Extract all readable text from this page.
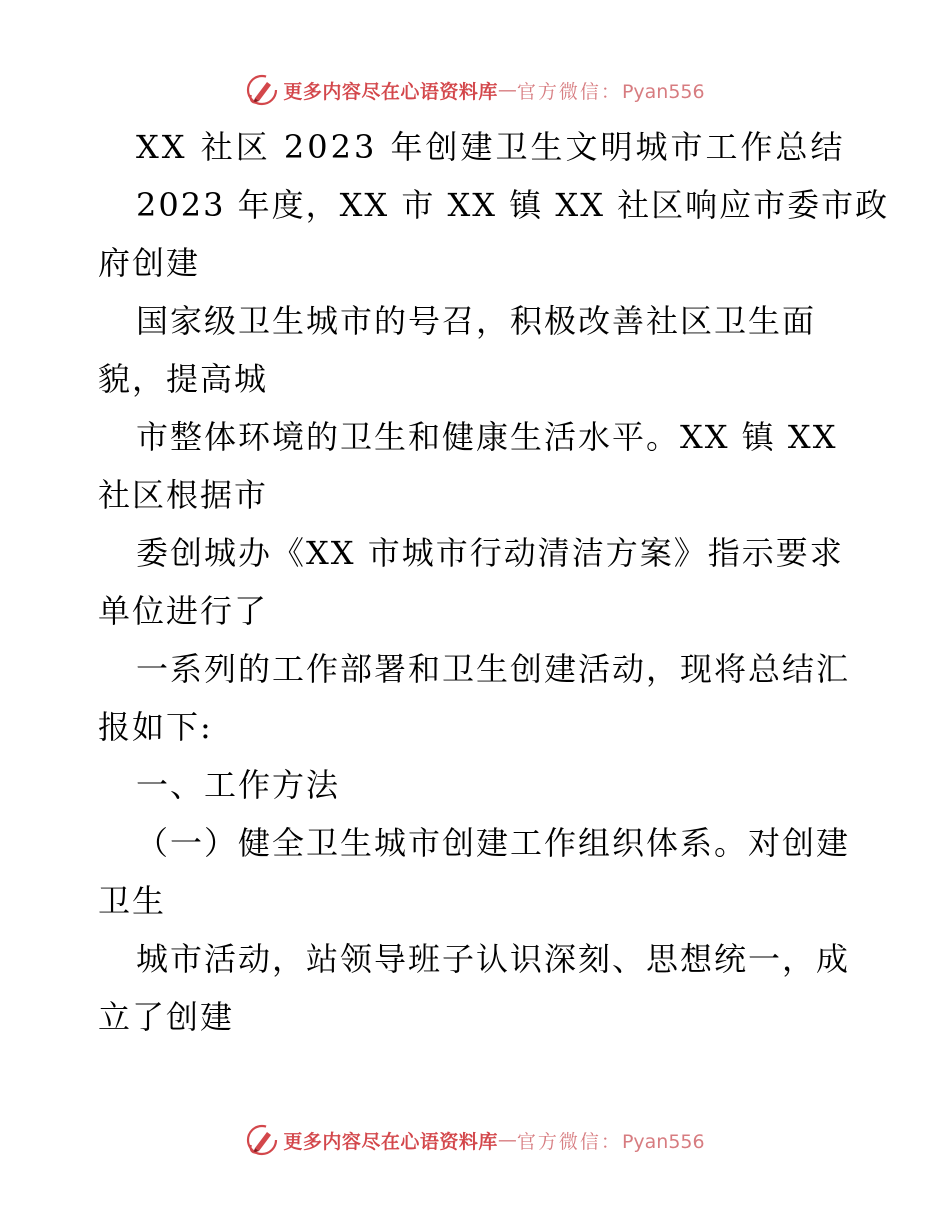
更多内容尽在心语资料库 — 官方微信：Pyan556
XX 社区 2023 年创建卫生文明城市工作总结
2023 年度，XX 市 XX 镇 XX 社区响应市委市政
府创建
国家级卫生城市的号召，积极改善社区卫生面
貌，提高城
市整体环境的卫生和健康生活水平。XX 镇 XX
社区根据市
委创城办《XX 市城市行动清洁方案》指示要求
单位进行了
一系列的工作部署和卫生创建活动，现将总结汇
报如下:
一、工作方法
（一）健全卫生城市创建工作组织体系。对创建
卫生
城市活动，站领导班子认识深刻、思想统一，成
立了创建
更多内容尽在心语资料库 — 官方微信：Pyan556
